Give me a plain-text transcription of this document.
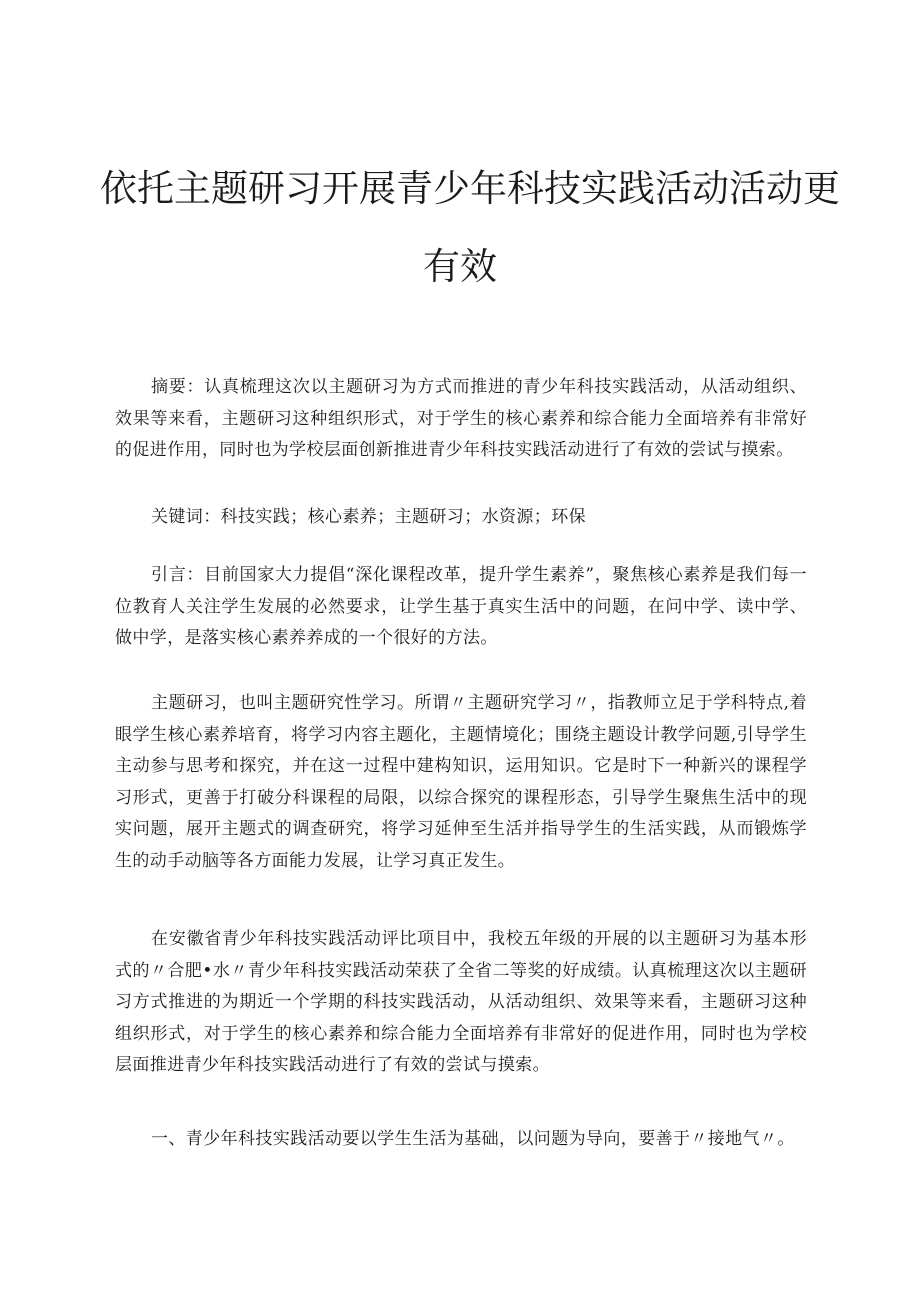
依托主题研习开展青少年科技实践活动活动更
有效

摘要：认真梳理这次以主题研习为方式而推进的青少年科技实践活动，从活动组织、效果等来看，主题研习这种组织形式，对于学生的核心素养和综合能力全面培养有非常好的促进作用，同时也为学校层面创新推进青少年科技实践活动进行了有效的尝试与摸索。

关键词：科技实践；核心素养；主题研习；水资源；环保

引言：目前国家大力提倡“深化课程改革，提升学生素养”，聚焦核心素养是我们每一位教育人关注学生发展的必然要求，让学生基于真实生活中的问题，在问中学、读中学、做中学，是落实核心素养养成的一个很好的方法。

主题研习，也叫主题研究性学习。所谓〃主题研究学习〃，指教师立足于学科特点,着眼学生核心素养培育，将学习内容主题化，主题情境化；围绕主题设计教学问题,引导学生主动参与思考和探究，并在这一过程中建构知识，运用知识。它是时下一种新兴的课程学习形式，更善于打破分科课程的局限，以综合探究的课程形态，引导学生聚焦生活中的现实问题，展开主题式的调查研究，将学习延伸至生活并指导学生的生活实践，从而锻炼学生的动手动脑等各方面能力发展，让学习真正发生。

在安徽省青少年科技实践活动评比项目中，我校五年级的开展的以主题研习为基本形式的〃合肥•水〃青少年科技实践活动荣获了全省二等奖的好成绩。认真梳理这次以主题研习方式推进的为期近一个学期的科技实践活动，从活动组织、效果等来看，主题研习这种组织形式，对于学生的核心素养和综合能力全面培养有非常好的促进作用，同时也为学校层面推进青少年科技实践活动进行了有效的尝试与摸索。

一、青少年科技实践活动要以学生生活为基础，以问题为导向，要善于〃接地气〃。
